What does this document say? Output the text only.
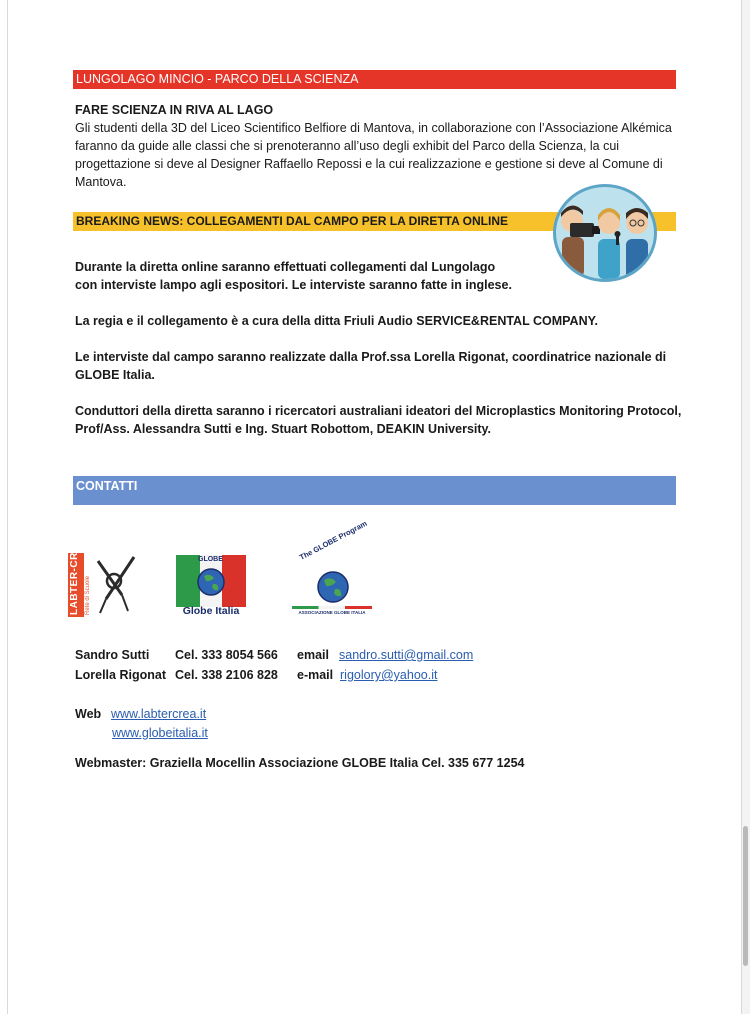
LUNGOLAGO MINCIO - PARCO DELLA SCIENZA
FARE SCIENZA IN RIVA AL LAGO
Gli studenti della 3D del Liceo Scientifico Belfiore di Mantova, in collaborazione con l’Associazione Alkémica
faranno da guide alle classi che si prenoteranno all’uso degli exhibit del Parco della Scienza, la cui
progettazione si deve al Designer Raffaello Repossi e la cui realizzazione e gestione si deve al Comune di
Mantova.
BREAKING NEWS: COLLEGAMENTI DAL CAMPO PER LA DIRETTA ONLINE
Durante la diretta online saranno effettuati collegamenti dal Lungolago
con interviste lampo agli espositori. Le interviste saranno fatte in inglese.
La regia e il collegamento è a cura della ditta Friuli Audio SERVICE&RENTAL COMPANY.
Le interviste dal campo saranno realizzate dalla Prof.ssa Lorella Rigonat, coordinatrice nazionale di
GLOBE Italia.
Conduttori della diretta saranno i ricercatori australiani ideatori del Microplastics Monitoring Protocol,
Prof/Ass. Alessandra Sutti e Ing. Stuart Robottom, DEAKIN University.
CONTATTI
LABTER-CREA Rete di Scuole
GLOBE
Globe Italia
The GLOBE Program
ASSOCIAZIONE GLOBE ITALIA
Sandro Sutti Cel. 333 8054 566 email sandro.sutti@gmail.com
Lorella Rigonat Cel. 338 2106 828 e-mail rigolory@yahoo.it
Web www.labtercrea.it
www.globeitalia.it
Webmaster: Graziella Mocellin Associazione GLOBE Italia Cel. 335 677 1254
